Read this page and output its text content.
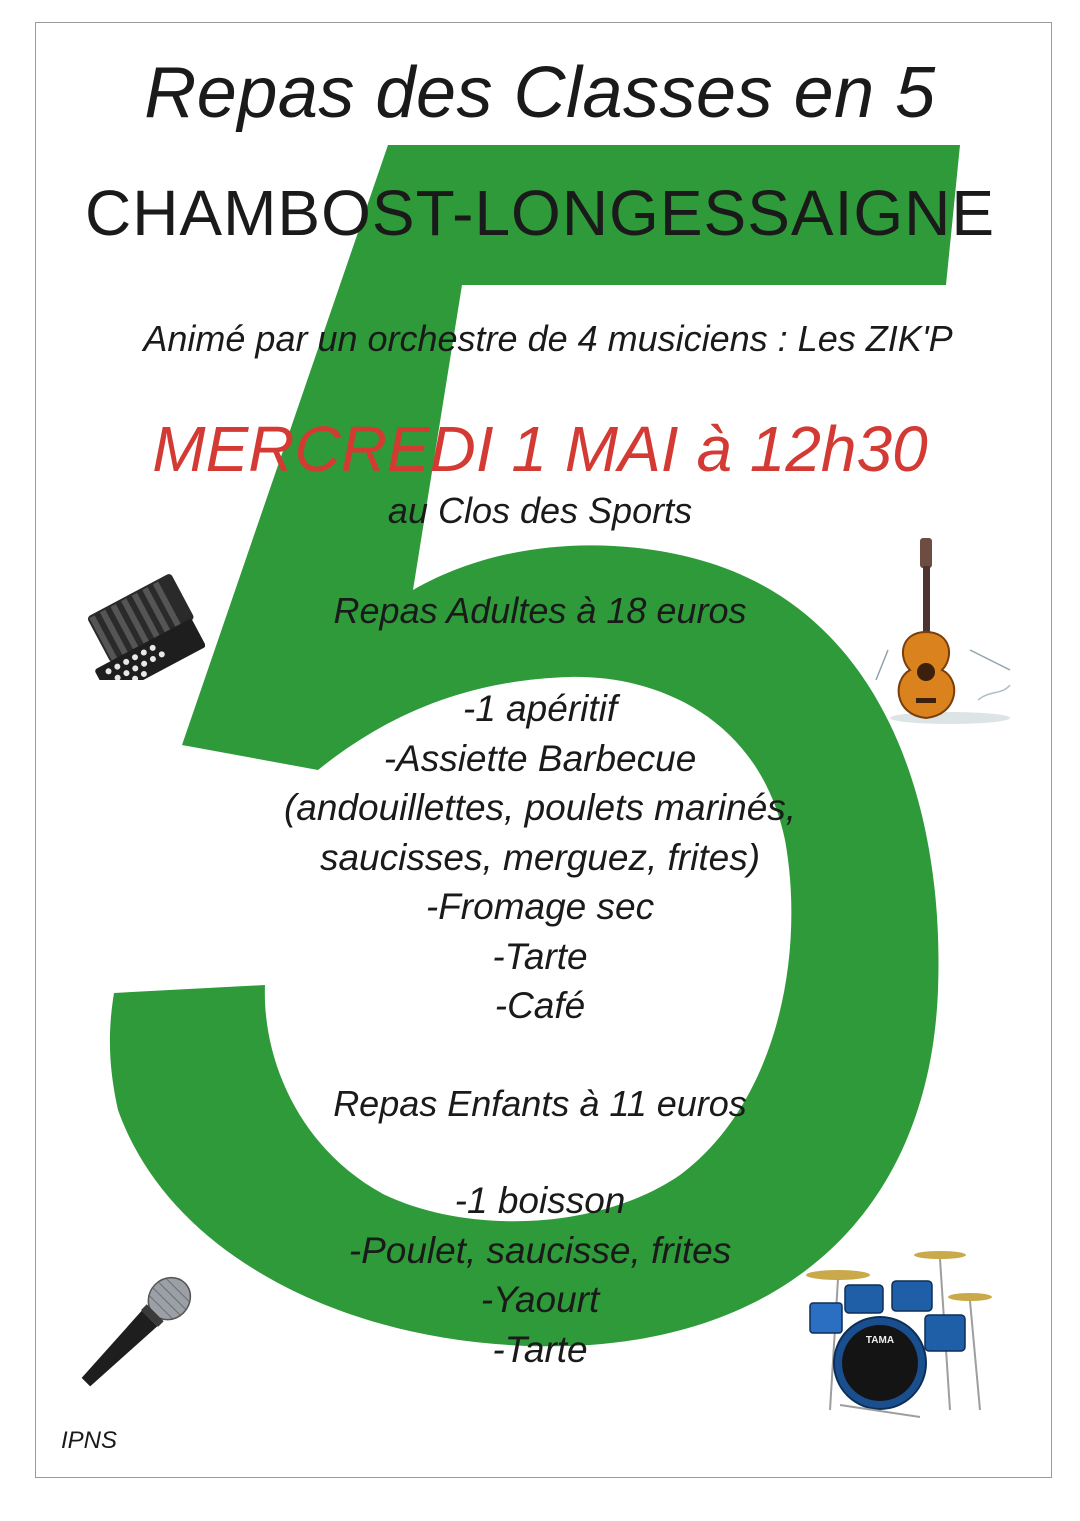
Repas des Classes en 5
CHAMBOST-LONGESSAIGNE
Animé par un orchestre de 4 musiciens : Les ZIK'P
MERCREDI 1 MAI à 12h30
au Clos des Sports
Repas Adultes à 18 euros
-1 apéritif
-Assiette Barbecue
(andouillettes, poulets marinés,
saucisses, merguez, frites)
-Fromage sec
-Tarte
-Café
Repas Enfants à 11 euros
-1 boisson
-Poulet, saucisse, frites
-Yaourt
-Tarte
IPNS
TAMA
